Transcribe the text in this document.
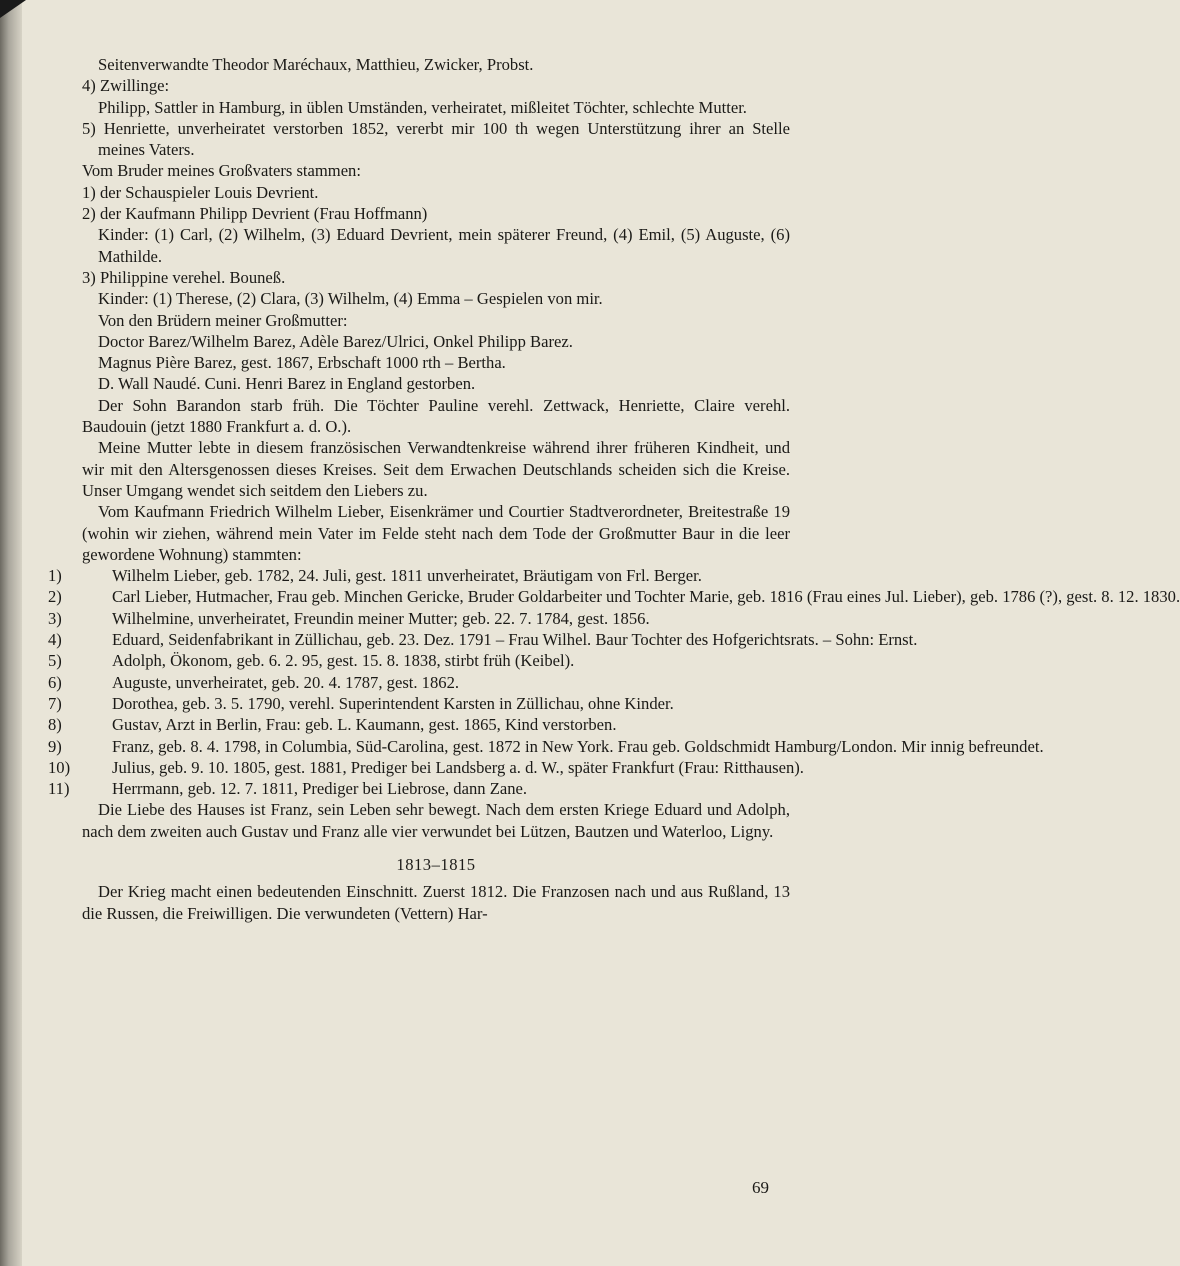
Seitenverwandte Theodor Maréchaux, Matthieu, Zwicker, Probst.
4) Zwillinge:
Philipp, Sattler in Hamburg, in üblen Umständen, verheiratet, mißleitet Töchter, schlechte Mutter.
5) Henriette, unverheiratet verstorben 1852, vererbt mir 100 th wegen Unterstützung ihrer an Stelle meines Vaters.
Vom Bruder meines Großvaters stammen:
1) der Schauspieler Louis Devrient.
2) der Kaufmann Philipp Devrient (Frau Hoffmann)
Kinder: (1) Carl, (2) Wilhelm, (3) Eduard Devrient, mein späterer Freund, (4) Emil, (5) Auguste, (6) Mathilde.
3) Philippine verehel. Bouneß.
Kinder: (1) Therese, (2) Clara, (3) Wilhelm, (4) Emma – Gespielen von mir.
Von den Brüdern meiner Großmutter:
Doctor Barez/Wilhelm Barez, Adèle Barez/Ulrici, Onkel Philipp Barez.
Magnus Pière Barez, gest. 1867, Erbschaft 1000 rth – Bertha.
D. Wall Naudé. Cuni. Henri Barez in England gestorben.
Der Sohn Barandon starb früh. Die Töchter Pauline verehl. Zettwack, Henriette, Claire verehl. Baudouin (jetzt 1880 Frankfurt a. d. O.).
Meine Mutter lebte in diesem französischen Verwandtenkreise während ihrer früheren Kindheit, und wir mit den Altersgenossen dieses Kreises. Seit dem Erwachen Deutschlands scheiden sich die Kreise. Unser Umgang wendet sich seitdem den Liebers zu.
Vom Kaufmann Friedrich Wilhelm Lieber, Eisenkrämer und Courtier Stadtverordneter, Breitestraße 19 (wohin wir ziehen, während mein Vater im Felde steht nach dem Tode der Großmutter Baur in die leer gewordene Wohnung) stammten:
1)	Wilhelm Lieber, geb. 1782, 24. Juli, gest. 1811 unverheiratet, Bräutigam von Frl. Berger.
2)	Carl Lieber, Hutmacher, Frau geb. Minchen Gericke, Bruder Goldarbeiter und Tochter Marie, geb. 1816 (Frau eines Jul. Lieber), geb. 1786 (?), gest. 8. 12. 1830.
3)	Wilhelmine, unverheiratet, Freundin meiner Mutter; geb. 22. 7. 1784, gest. 1856.
4)	Eduard, Seidenfabrikant in Züllichau, geb. 23. Dez. 1791 – Frau Wilhel. Baur Tochter des Hofgerichtsrats. – Sohn: Ernst.
5)	Adolph, Ökonom, geb. 6. 2. 95, gest. 15. 8. 1838, stirbt früh (Keibel).
6)	Auguste, unverheiratet, geb. 20. 4. 1787, gest. 1862.
7)	Dorothea, geb. 3. 5. 1790, verehl. Superintendent Karsten in Züllichau, ohne Kinder.
8)	Gustav, Arzt in Berlin, Frau: geb. L. Kaumann, gest. 1865, Kind verstorben.
9)	Franz, geb. 8. 4. 1798, in Columbia, Süd-Carolina, gest. 1872 in New York. Frau geb. Goldschmidt Hamburg/London. Mir innig befreundet.
10)	Julius, geb. 9. 10. 1805, gest. 1881, Prediger bei Landsberg a. d. W., später Frankfurt (Frau: Ritthausen).
11)	Herrmann, geb. 12. 7. 1811, Prediger bei Liebrose, dann Zane.
Die Liebe des Hauses ist Franz, sein Leben sehr bewegt. Nach dem ersten Kriege Eduard und Adolph, nach dem zweiten auch Gustav und Franz alle vier verwundet bei Lützen, Bautzen und Waterloo, Ligny.
1813–1815
Der Krieg macht einen bedeutenden Einschnitt. Zuerst 1812. Die Franzosen nach und aus Rußland, 13 die Russen, die Freiwilligen. Die verwundeten (Vettern) Har-
69
